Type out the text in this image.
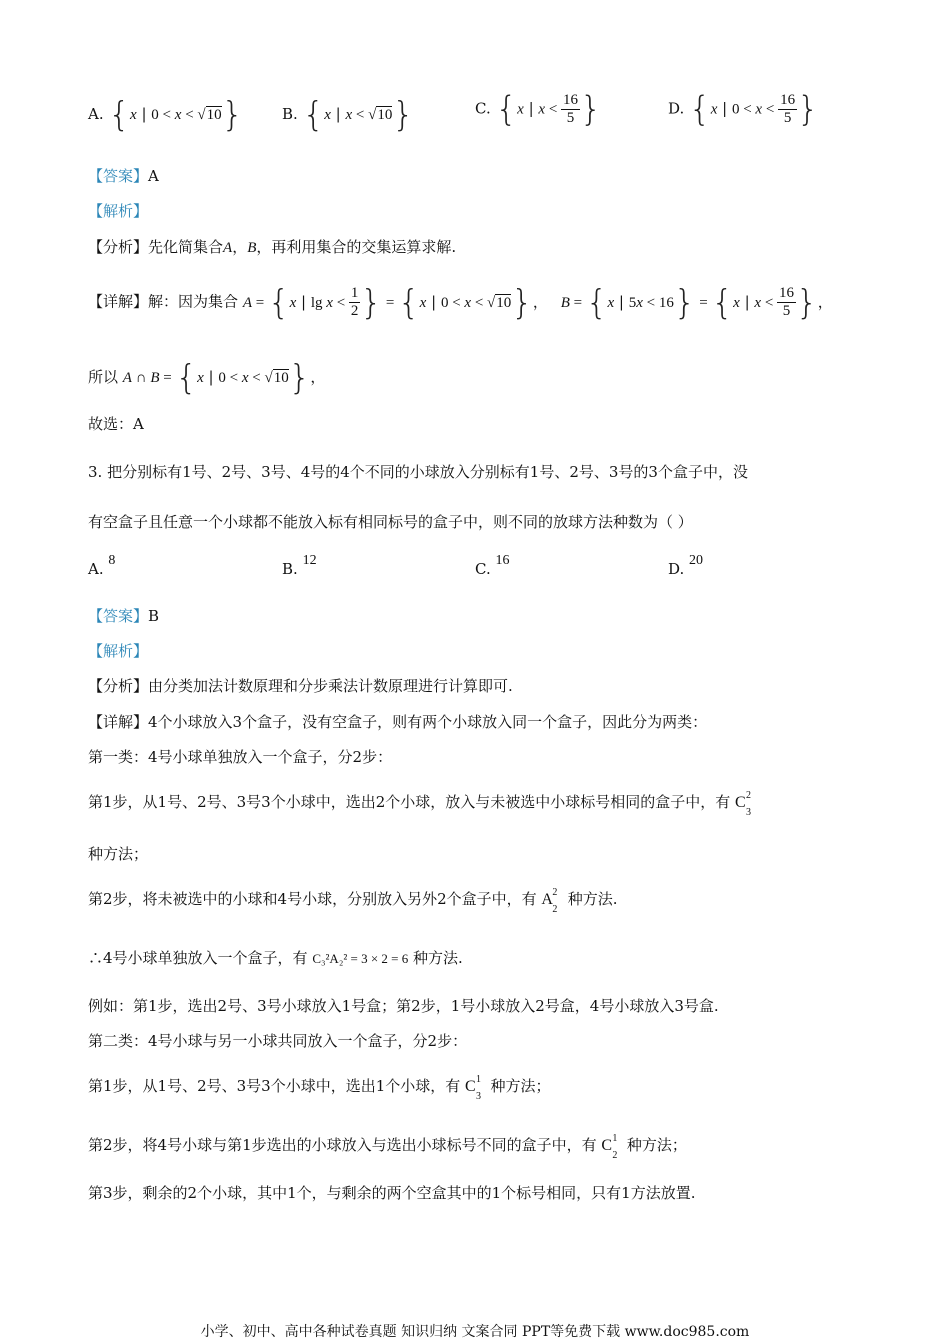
A. {x | 0 < x < √10}	B. {x | x < √10}	C. {x | $x < \frac{16}{5}$ }	D. {x | $0 < x < \frac{16}{5}$ }
【答案】A
【解析】
【分析】先化简集合A，B，再利用集合的交集运算求解.
【详解】解：因为集合 A = {x | $\lg x < \frac{1}{2}$ } = {x | 0 < x < √10}， B = {x | 5x < 16} = {x | $x < \frac{16}{5}$ }，
所以 A ∩ B = {x | 0 < x < √10}，
故选：A
3. 把分别标有1号、2号、3号、4号的4个不同的小球放入分别标有1号、2号、3号的3个盒子中，没
有空盒子且任意一个小球都不能放入标有相同标号的盒子中，则不同的放球方法种数为（ ）
A. 8	B. 12	C. 16	D. 20
【答案】B
【解析】
【分析】由分类加法计数原理和分步乘法计数原理进行计算即可.
【详解】4个小球放入3个盒子，没有空盒子，则有两个小球放入同一个盒子，因此分为两类：
第一类：4号小球单独放入一个盒子，分2步：
第1步，从1号、2号、3号3个小球中，选出2个小球，放入与未被选中小球标号相同的盒子中，有 C 2
3
种方法；
第2步，将未被选中的小球和4号小球，分别放入另外2个盒子中，有 A 2
2
种方法.
∴4号小球单独放入一个盒子，有 C₃²A₂² = 3 × 2 = 6 种方法.
例如：第1步，选出2号、3号小球放入1号盒；第2步，1号小球放入2号盒，4号小球放入3号盒.
第二类：4号小球与另一小球共同放入一个盒子，分2步：
第1步，从1号、2号、3号3个小球中，选出1个小球，有 C 1
3
种方法；
第2步，将4号小球与第1步选出的小球放入与选出小球标号不同的盒子中，有 C 1
2
种方法；
第3步，剩余的2个小球，其中1个，与剩余的两个空盒其中的1个标号相同，只有1方法放置.
小学、初中、高中各种试卷真题 知识归纳 文案合同 PPT等免费下载 www.doc985.com
